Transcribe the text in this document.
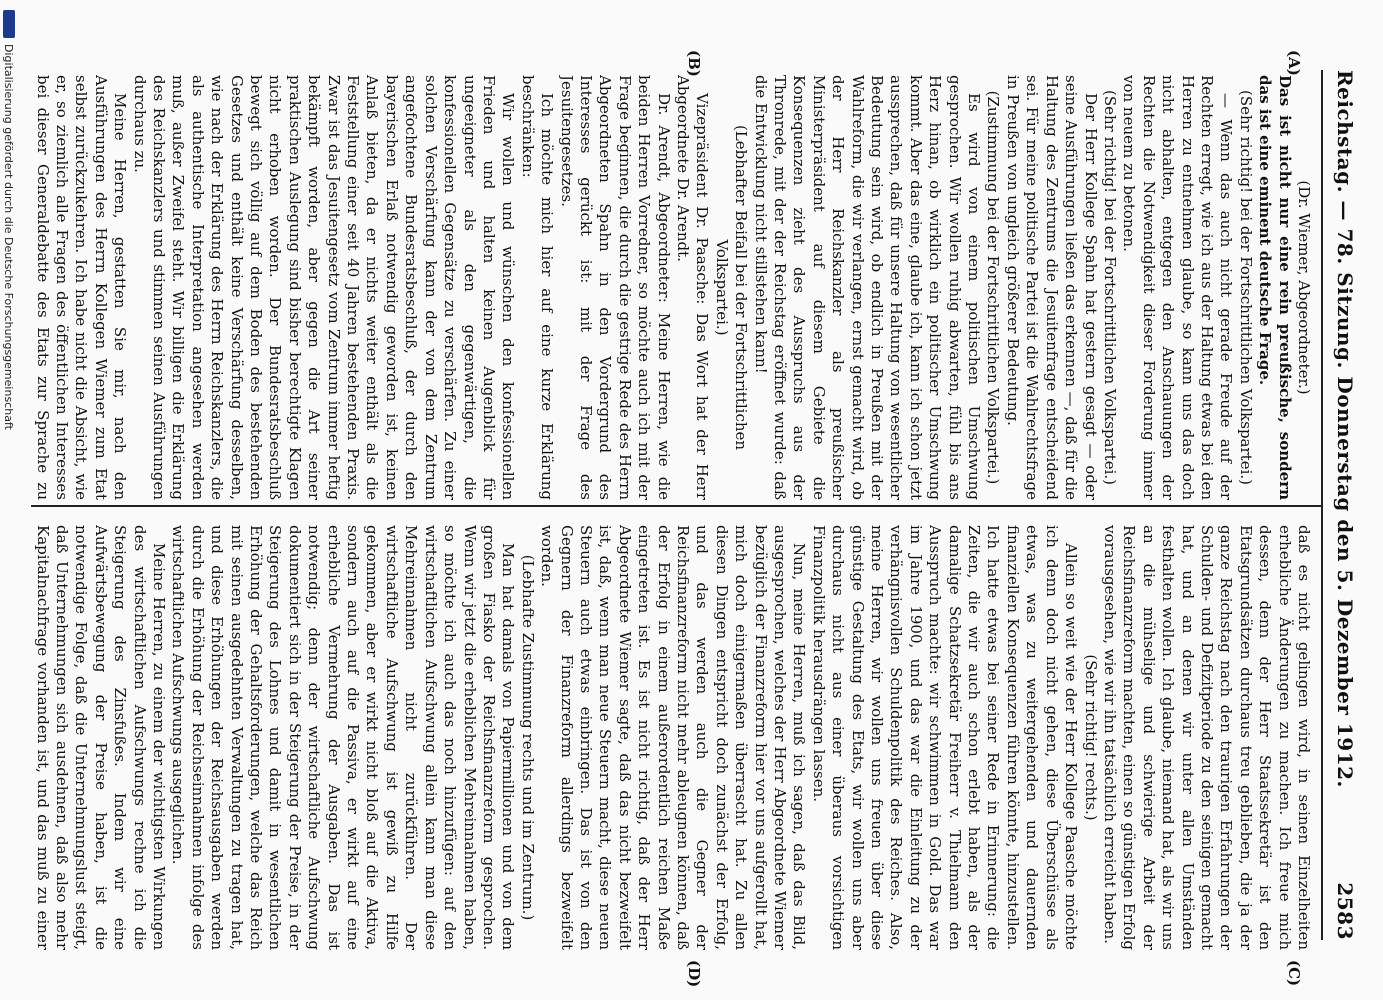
Reichstag. — 78. Sitzung. Donnerstag den 5. Dezember 1912.
2583
(A)
(B)
(C)
(D)

(Dr. Wiemer, Abgeordneter.)

Das ist nicht nur eine rein preußische, sondern das ist eine eminent deutsche Frage.

(Sehr richtig! bei der Fortschrittlichen Volkspartei.)

— Wenn das auch nicht gerade Freude auf der Rechten erregt, wie ich aus der Haltung etwas bei den Herren zu entnehmen glaube, so kann uns das doch nicht abhalten, entgegen den Anschauungen der Rechten die Notwendigkeit dieser Forderung immer von neuem zu betonen.

(Sehr richtig! bei der Fortschrittlichen Volkspartei.)

Der Herr Kollege Spahn hat gestern gesagt — oder seine Ausführungen ließen das erkennen —, daß für die Haltung des Zentrums die Jesuitenfrage entscheidend sei. Für meine politische Partei ist die Wahlrechtsfrage in Preußen von ungleich größerer Bedeutung.

(Zustimmung bei der Fortschrittlichen Volkspartei.)

Es wird von einem politischen Umschwung gesprochen. Wir wollen ruhig abwarten, fühl bis ans Herz hinan, ob wirklich ein politischer Umschwung kommt. Aber das eine, glaube ich, kann ich schon jetzt aussprechen, daß für unsere Haltung von wesentlicher Bedeutung sein wird, ob endlich in Preußen mit der Wahlreform, die wir verlangen, ernst gemacht wird, ob der Herr Reichskanzler als preußischer Ministerpräsident auf diesem Gebiete die Konsequenzen zieht des Ausspruchs aus der Thronrede, mit der der Reichstag eröffnet wurde: daß die Entwicklung nicht stillstehen kann!

(Lebhafter Beifall bei der Fortschrittlichen Volkspartei.)

Vizepräsident Dr. Paasche: Das Wort hat der Herr Abgeordnete Dr. Arendt.

Dr. Arendt, Abgeordneter: Meine Herren, wie die beiden Herren Vorredner, so möchte auch ich mit der Frage beginnen, die durch die gestrige Rede des Herrn Abgeordneten Spahn in den Vordergrund des Interesses gerückt ist: mit der Frage des Jesuitengesetzes.

Ich möchte mich hier auf eine kurze Erklärung beschränken:

Wir wollen und wünschen den konfessionellen Frieden und halten keinen Augenblick für ungeeigneter als den gegenwärtigen, die konfessionellen Gegensätze zu verschärfen. Zu einer solchen Verschärfung kann der von dem Zentrum angefochtene Bundesratsbeschluß, der durch den bayerischen Erlaß notwendig geworden ist, keinen Anlaß bieten, da er nichts weiter enthält als die Feststellung einer seit 40 Jahren bestehenden Praxis. Zwar ist das Jesuitengesetz vom Zentrum immer heftig bekämpft worden, aber gegen die Art seiner praktischen Auslegung sind bisher berechtigte Klagen nicht erhoben worden. Der Bundesratsbeschluß bewegt sich völlig auf dem Boden des bestehenden Gesetzes und enthält keine Verschärfung desselben, wie nach der Erklärung des Herrn Reichskanzlers, die als authentische Interpretation angesehen werden muß, außer Zweifel steht. Wir billigen die Erklärung des Reichskanzlers und stimmen seinen Ausführungen durchaus zu.

Meine Herren, gestatten Sie mir, nach den Ausführungen des Herrn Kollegen Wiemer zum Etat selbst zurückzukehren. Ich habe nicht die Absicht, wie er, so ziemlich alle Fragen des öffentlichen Interesses bei dieser Generaldebatte des Etats zur Sprache zu

daß es nicht gelingen wird, in seinen Einzelheiten erhebliche Änderungen zu machen. Ich freue mich dessen, denn der Herr Staatssekretär ist den Etatsgrundsätzen durchaus treu geblieben, die ja der ganze Reichstag nach den traurigen Erfahrungen der Schulden- und Defizitperiode zu den seinigen gemacht hat, und an denen wir unter allen Umständen festhalten wollen. Ich glaube, niemand hat, als wir uns an die mühselige und schwierige Arbeit der Reichsfinanzreform machten, einen so günstigen Erfolg vorausgesehen, wie wir ihn tatsächlich erreicht haben.

(Sehr richtig! rechts.)

Allein so weit wie der Herr Kollege Paasche möchte ich denn doch nicht gehen, diese Überschüsse als etwas, was zu weitergehenden und dauernden finanziellen Konsequenzen führen könnte, hinzustellen. Ich hatte etwas bei seiner Rede in Erinnerung: die Zeiten, die wir auch schon erlebt haben, als der damalige Schatzsekretär Freiherr v. Thielmann den Ausspruch machte: wir schwimmen in Gold. Das war im Jahre 1900, und das war die Einleitung zu der verhängnisvollen Schuldenpolitik des Reiches. Also, meine Herren, wir wollen uns freuen über diese günstige Gestaltung des Etats, wir wollen uns aber durchaus nicht aus einer überaus vorsichtigen Finanzpolitik herausdrängen lassen.

Nun, meine Herren, muß ich sagen, daß das Bild, ausgesprochen, welches der Herr Abgeordnete Wiemer bezüglich der Finanzreform hier vor uns aufgerollt hat, mich doch einigermaßen überrascht hat. Zu allen diesen Dingen entspricht doch zunächst der Erfolg, und das werden auch die Gegner der Reichsfinanzreform nicht mehr ableugnen können, daß der Erfolg in einem außerordentlich reichen Maße eingetreten ist. Es ist nicht richtig, daß der Herr Abgeordnete Wiemer sagte, daß das nicht bezweifelt ist, daß, wenn man neue Steuern macht, diese neuen Steuern auch etwas einbringen. Das ist von den Gegnern der Finanzreform allerdings bezweifelt worden.

(Lebhafte Zustimmung rechts und im Zentrum.)

Man hat damals von Papiermillionen und von dem großen Fiasko der Reichsfinanzreform gesprochen. Wenn wir jetzt die erheblichen Mehreinnahmen haben, so möchte ich auch das noch hinzufügen: auf den wirtschaftlichen Aufschwung allein kann man diese Mehreinnahmen nicht zurückführen. Der wirtschaftliche Aufschwung ist gewiß zu Hilfe gekommen, aber er wirkt nicht bloß auf die Aktiva, sondern auch auf die Passiva, er wirkt auf eine erhebliche Vermehrung der Ausgaben. Das ist notwendig; denn der wirtschaftliche Aufschwung dokumentiert sich in der Steigerung der Preise, in der Steigerung des Lohnes und damit in wesentlichen Erhöhung der Gehaltsforderungen, welche das Reich mit seinen ausgedehnten Verwaltungen zu tragen hat, und diese Erhöhungen der Reichsausgaben werden durch die Erhöhung der Reichseinnahmen infolge des wirtschaftlichen Aufschwungs ausgeglichen.

Meine Herren, zu einem der wichtigsten Wirkungen des wirtschaftlichen Aufschwungs rechne ich die Steigerung des Zinsfußes. Indem wir eine Aufwärtsbewegung der Preise haben, ist die notwendige Folge, daß die Unternehmungslust steigt, daß Unternehmungen sich ausdehnen, daß also mehr Kapitalnachfrage vorhanden ist, und das muß zu einer

Digitalisierung gefördert durch die Deutsche Forschungsgemeinschaft
